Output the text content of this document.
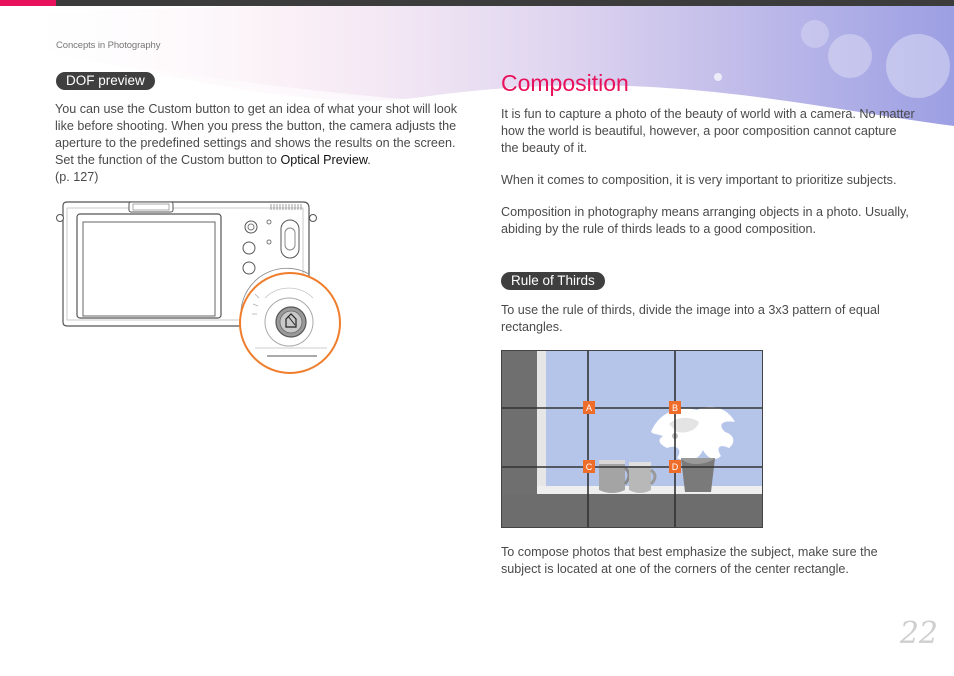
Concepts in Photography
DOF preview
You can use the Custom button to get an idea of what your shot will look like before shooting. When you press the button, the camera adjusts the aperture to the predefined settings and shows the results on the screen. Set the function of the Custom button to Optical Preview.
(p. 127)
Composition
It is fun to capture a photo of the beauty of world with a camera. No matter how the world is beautiful, however, a poor composition cannot capture the beauty of it.
When it comes to composition, it is very important to prioritize subjects.
Composition in photography means arranging objects in a photo. Usually, abiding by the rule of thirds leads to a good composition.
Rule of Thirds
To use the rule of thirds, divide the image into a 3x3 pattern of equal rectangles.
A	B
C	D
To compose photos that best emphasize the subject, make sure the subject is located at one of the corners of the center rectangle.
22
